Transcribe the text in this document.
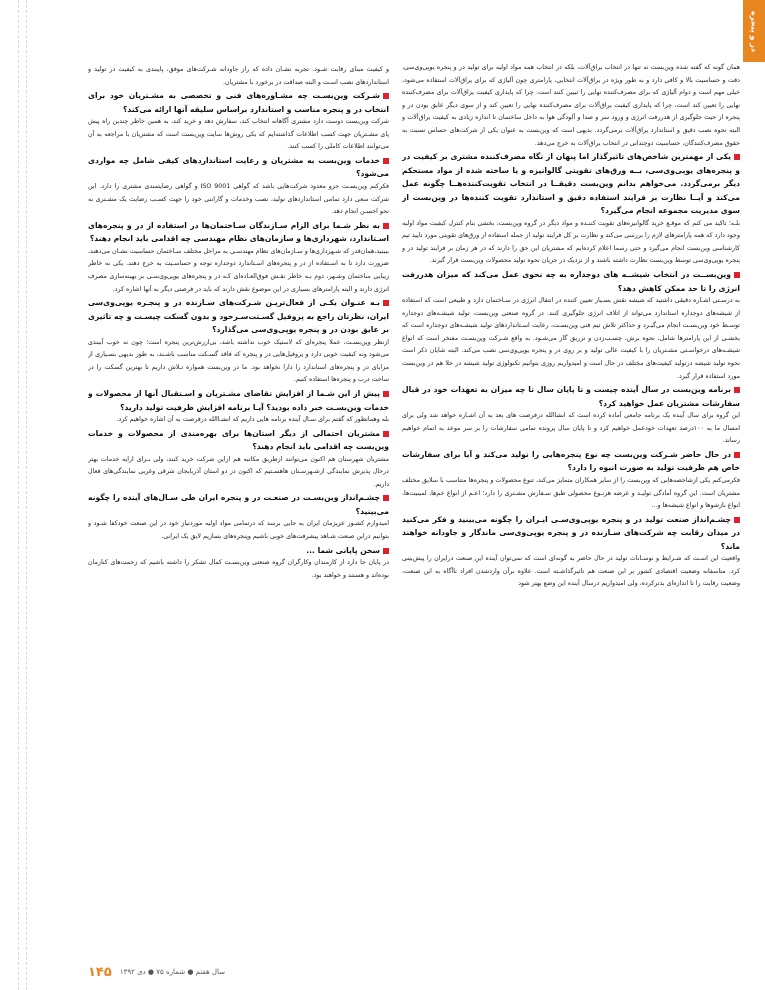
در و پنجره

همان گونه که گفته شده وین‌بست نه تنها در انتخاب یراق‌آلات، بلکه در انتخاب همه مواد اولیه برای تولید در و پنجره یوپی‌وی‌سی، دقت و حساسیت بالا و کافی دارد و به طور ویژه در یراق‌آلات انتخابی، پارامتری چون آلیاژی که برای یراق‌آلات استفاده می‌شود، خیلی مهم است و دوام آلیاژی که برای مصرف‌کننده نهایی را تبیین کنند است. چرا که پایداری کیفیت یراق‌آلات برای مصرف‌کننده نهایی را تعیین کند است، چرا که پایداری کیفیت یراق‌آلات برای مصرف‌کننده نهایی را تعیین کند و از سوی دیگر عایق بودن در و پنجره از حیث جلوگیری از هدررفت انرژی و ورود سر و صدا و آلودگی هوا به داخل ساختمان تا اندازه زیادی به کیفیت یراق‌آلات و البته نحوه نصب دقیق و استاندارد یراق‌آلات برمی‌گردد. بدیهی است که وین‌بست به عنوان یکی از شرکت‌های حساس نسبت به حقوق مصرف‌کنندگان، حساسیت دوچندانی در انتخاب یراق‌آلات به خرج می‌دهد.

یکی از مهمترین شاخص‌های تاثیرگذار اما پنهان از نگاه مصرف‌کننده مشتری بر کیفیت در و پنجره‌های یوپی‌وی‌سی، بــه ورق‌های تقویتی گالوانیزه و یا ساخته شده از مواد مستحکم دیگر برمی‌گردد. می‌خواهم بدانم وین‌بست دقیقــا در انتخاب تقویت‌کننده‌هــا چگونه عمل می‌کند و آیــا نظارت بر فرایند استفاده دقیق و استاندارد تقویت کننده‌ها در وین‌بست از سوی مدیریت مجموعه انجام می‌گیرد؟

بلـه؛ تاکید می کنم که موقـع خرید گالوانیزه‌های تقویت کننـده و مواد دیگر در گروه وین‌بست، بخشی بنام کنترل کیفیت مواد اولیه وجود دارد که همه پارامترهای لازم را بررسی می‌کند و نظارت بر کل فرایند تولید از جمله استفاده از ورق‌های تقویتی مورد تایید تیم کارشناسی وین‌بست انجام می‌گیرد و حتی رسما اعلام کرده‌ایم که مشتریان این حق را دارند که در هر زمان بر فرایند تولید در و پنجره یوپی‌وی‌سی توسط وین‌بست نظارت داشته باشند و از نزدیک در جریان نحوه تولید محصولات وین‌بست قرار گیرند.

وین‌بســت در انتخاب شیشــه های دوجداره به چه نحوی عمل می‌کند که میزان هدررفت انرژی را تا حد ممکن کاهش دهد؟

به درسـتی اشـاره دقیقی داشتید که شیشه نقش بسـیار تعیین کننده در انتقال انرژی در سـاختمان دارد و طبیعی است که استفاده از شیشه‌های دوجداره استاندارد می‌تواند از اتلاف انرژی جلوگیری کنند. در گروه صنعتی وین‌بست، تولید شیشـه‌های دوجداره توسـط خود وین‌بسـت انجام می‌گیـرد و حداکثر تلاش تیم فنی وین‌بسـت، رعایت اسـتانداردهای تولید شیشـه‌های دوجداره است که بخشـی از این پارامترها شامل، نحوه برش، چسـب‌زدن و تزریق گاز می‌شـود. به واقع شـرکت وین‌بسـت مفتخر است که انواع شیشـه‌های درخواسـتی مشـتریان را با کیفیت عالی تولید و بر روی در و پنجره یوپی‌وی‌سی نصب می‌کند. البته شایان ذکر است نحوه تولید شیشه درتولید کیفیت‌های مختلف در حال است و امیدواریم روزی بتوانیم تکنولوژی تولید شیشه در خلا هم در وین‌بست مورد استفاده قرار گیرد.

برنامه وین‌بست در سال آینده چیست و تا پایان سال تا چه میزان به تعهدات خود در قبال سفارشات مشتریان عمل خواهید کرد؟

این گروه برای سال آینده یک برنامه جامعی آماده کرده است که انشاالله درفرصت های بعد به آن اشـاره خواهد شد ولی برای امسال ما به ۱۰۰درصد تعهدات خودعمل خواهیم کرد و تا پایان سال پرونده تمامی سفارشات را بر سر موعد به اتمام خواهیم رساند.

در حال حاضر شـرکت وین‌بست چه نوع پنجره‌هایی را تولید می‌کند و آیا برای سفارشات خاص هم ظرفیت تولید به صورت انبوه را دارد؟

فکرمی‌کنم یکی ازشاخصه‌هایی که وین‌بست را از سایر همکاران متمایز می‌کند، تنوع محصولات و پنجره‌ها متناسب با سلایق مختلف مشتریان است. این گروه آمادگی تولیـد و عرضه هرنـوع محصولی طبق سـفارش مشـتری را دارد؛ اعـم از انواع خم‌ها، لمینیت‌ها، انواع بازشوها و انواع شیشه‌ها و...

چشـم‌انداز صنعت تولید در و پنجره یوپی‌وی‌سـی ایـران را چگونه می‌بینید و فکر می‌کنید در میدان رقابت چه شرکت‌های سـازنده در و پنجره یوپی‌وی‌سی ماندگار و جاودانه خواهند ماند؟

واقعیت این اسـت که شـرایط و نوسـانات تولید در حال حاضر به گونه‌ای است که نمی‌توان آینده این صنعت درایران را پیش‌بینی کرد. متاسفانه وضعیت اقتصادی کشور بر این صنعت هم تاثیرگذاشـته است. علاوه برآن واردشدن افراد ناآگاه به این صنعت، وضعیت رقابت را تا اندازه‌ای بدترکرده، ولی امیدواریم درسال آینده این وضع بهتر شود

و کیفیت مبنای رقابت شـود. تجربه نشـان داده که راز جاودانه شـرکت‌های موفق، پایبندی به کیفیت در تولید و استانداردهای نصب اسـت و البته صداقت در برخورد با مشتریان.

شـرکت وین‌بسـت چه مشـاوره‌های فنی و تخصصی به مشـتریان خود برای انتخاب در و پنجره مناسب و استاندارد براساس سلیقه آنها ارائه می‌کند؟

شرکت وین‌بست دوست دارد مشتری آگاهانه انتخاب کند، سفارش دهد و خرید کند، به همین خاطر چندین راه پیش پای مشـتریان جهت کسب اطلاعات گذاشته‌ایم که یکی روش‌ها سایت وین‌بست است که مشتریان با مراجعه به آن می‌توانند اطلاعات کاملی را کسب کنند.

خدمات وین‌بست به مشتریان و رعایت استانداردهای کیفی شامل چه مواردی می‌شود؟

فکرکنم وین‌بسـت جزو معدود شرکت‌هایی باشد که گواهی ISO 9001 و گواهی رضایتمندی مشتری را دارد. این شرکت سعی دارد تمامی استانداردهای تولید، نصب وخدمات و گارانتی خود را جهت کسـب رضایت یک مشـتری به نحو احسـن انجام دهد.

به نظر شـما برای الزام سـازندگان سـاختمان‌ها در استفاده از در و پنجره‌های اسـتاندارد، شهرداری‌ها و سازمان‌های نظام مهندسی چه اقدامی باید انجام دهند؟

ببینید،همان‌قدر که شـهرداری‌ها و سـازمان‌های نظام مهندسـی به مراحل مختلف سـاختمان حساسیت نشـان می‌دهند، ضرورت دارد تا به اسـتفاده از در و پنجره‌های اسـتاندارد دوجداره توجه و حساسـیت به خرج دهند. یکی به خاطر زیبایی ساختمان وشـهر، دوم بـه خاطر نقـش فوق‌العـاده‌ای کـه در و پنجره‌های یوپی‌وی‌سـی بر بهینه‌سازی مصرف انرژی دارند و البته پارامترهای بسیاری در این موضوع نقش دارند که باید در فرصتی دیگر به آنها اشاره کرد.

بـه عنـوان یکـی از فعال‌تریـن شـرکت‌های سـازنده در و پنجـره یوپی‌وی‌سی ایران، نظرتان راجع به پروفیل گسـتت‌سـرخود و بدون گسکت چیسـت و چه تاثیری بر عایق بودن در و پنجره یوپی‌وی‌سی می‌گذارد؟

ازنظر وین‌بسـت، عملا پنجره‌ای که لاستیک خوب نداشته باشد، بی‌ارزش‌ترین پنجره است؛ چون نه خوب آببندی می‌شود ونه کیفیت خوبی دارد و پروفیل‌هایی در و پنجره که فاقد گسـکت مناسب باشـند، به طور بدیهی بسـیاری از مزایای در و پنجره‌های استاندارد را دارا نخواهد بود. ما در وین‌بست همواره تـلاش داریم تا بهترین گسکت را در ساخت درب و پنجره‌ها استفاده کنیم.

پیش از این شـما از افزایش تقاضای مشـتریان و اسـتقبال آنها از محصولات و خدمات وین‌بسـت خبر داده بودید؟ آیـا برنامه افزایش ظرفیت تولید دارید؟

بله وهمانطور که گفتم برای سـال آینده برنامه هایی داریم که انشـاالله درفرصت به آن اشاره خواهیم کرد.

مشتریان احتمالی از دیگر استان‌ها برای بهره‌مندی از محصولات و خدمات وین‌بست چه اقدامی باید انجام دهند؟

مشتریان شهرستان هم اکنون می‌توانند ازطریق مکاتبه هم ازاین شرکت خرید کنند، ولی بـرای ارایه خدمات بهتر درحال پذیرش نمایندگی ازشـهرسـتان هاهسـتیم که اکنون در دو استان آذربایجان شرقی وغربی نمایندگی‌های فعال داریم.

چشـم‌انداز وین‌بسـت در صنعـت در و پنجره ایران طی سـال‌های آینده را چگونه می‌بینید؟

امیدوارم کشـور عزیزمان ایران به جایی برسد که درتمامی مواد اولیه موردنیاز خود در این صنعت خودکفا شـود و بتوانیم دراین صنعت شـاهد پیشرفت‌های خوبی باشیم وپنجره‌های بسازیم لایق یک ایرانی.

سخن پایانی شما ...

در پایان جا دارد از کارمندان وکارگران گروه صنعتی وین‌بسـت کمال تشکر را داشته باشیم که زحمت‌های کنارمان بوده‌اند و هستند و خواهند بود.

۱۴۵ سال هفتم ● شماره ۷۵ ● دی ۱۳۹۲
